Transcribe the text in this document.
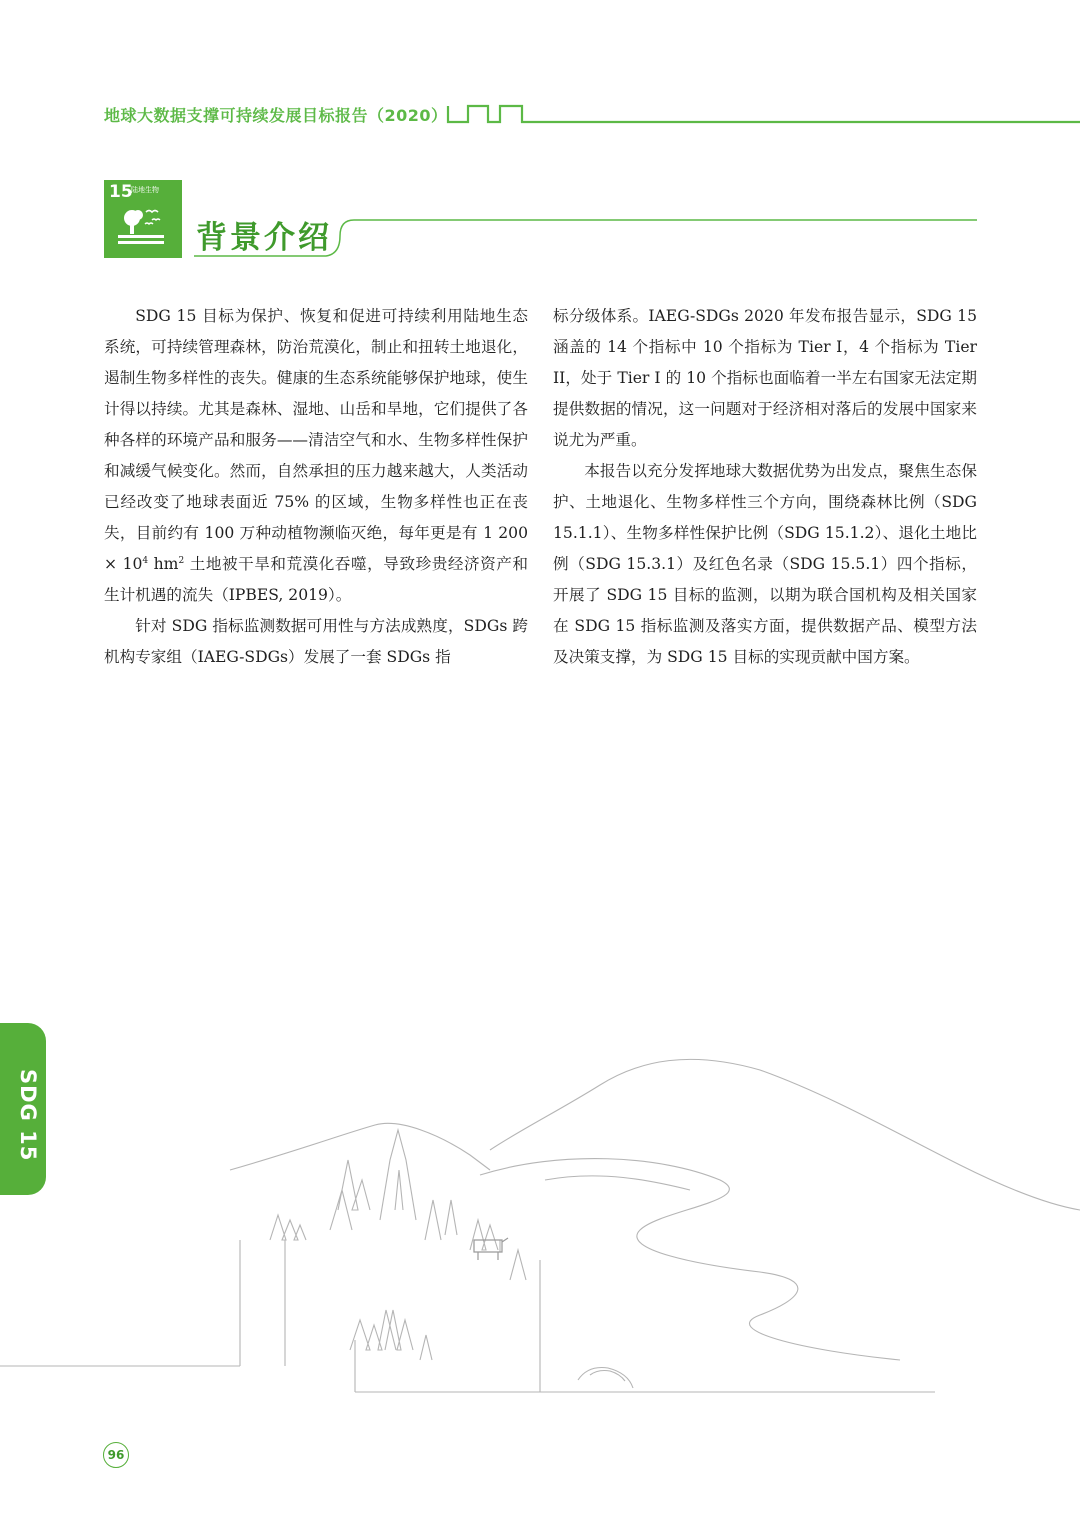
地球大数据支撑可持续发展目标报告（2020）
15
陆地生物
背景介绍

SDG 15 目标为保护、恢复和促进可持续利用陆地生态系统，可持续管理森林，防治荒漠化，制止和扭转土地退化，遏制生物多样性的丧失。健康的生态系统能够保护地球，使生计得以持续。尤其是森林、湿地、山岳和旱地，它们提供了各种各样的环境产品和服务——清洁空气和水、生物多样性保护和减缓气候变化。然而，自然承担的压力越来越大，人类活动已经改变了地球表面近 75% 的区域，生物多样性也正在丧失，目前约有 100 万种动植物濒临灭绝，每年更是有 1 $200 \times 10^4$ $hm^2$ 土地被干旱和荒漠化吞噬，导致珍贵经济资产和生计机遇的流失（IPBES, 2019）。

针对 SDG 指标监测数据可用性与方法成熟度，SDGs 跨机构专家组（IAEG-SDGs）发展了一套 SDGs 指

标分级体系。IAEG-SDGs 2020 年发布报告显示，SDG 15 涵盖的 14 个指标中 10 个指标为 Tier I，4 个指标为 Tier II，处于 Tier I 的 10 个指标也面临着一半左右国家无法定期提供数据的情况，这一问题对于经济相对落后的发展中国家来说尤为严重。

本报告以充分发挥地球大数据优势为出发点，聚焦生态保护、土地退化、生物多样性三个方向，围绕森林比例（SDG 15.1.1）、生物多样性保护比例（SDG 15.1.2）、退化土地比例（SDG 15.3.1）及红色名录（SDG 15.5.1）四个指标，开展了 SDG 15 目标的监测，以期为联合国机构及相关国家在 SDG 15 指标监测及落实方面，提供数据产品、模型方法及决策支撑，为 SDG 15 目标的实现贡献中国方案。

SDG 15
96
